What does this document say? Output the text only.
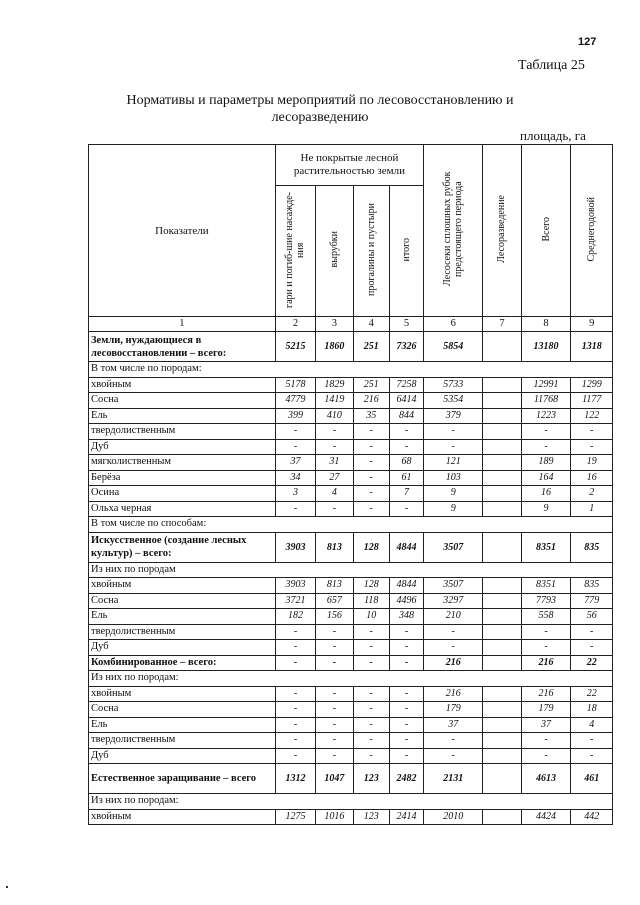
127
Таблица 25
Нормативы и параметры мероприятий по лесовосстановлению и лесоразведению
площадь, га
Показатели	Не покрытые лесной растительностью земли				Лесосеки сплошных рубок предстоящего периода	Лесоразведение	Всего	Среднегодовой
	гари и погиб-шие насажде-ния	вырубки	прогалины и пустыри	итого				
1	2	3	4	5	6	7	8	9
Земли, нуждающиеся в лесовосстановлении – всего:	5215	1860	251	7326	5854		13180	1318
В том числе по породам:								
хвойным	5178	1829	251	7258	5733		12991	1299
Сосна	4779	1419	216	6414	5354		11768	1177
Ель	399	410	35	844	379		1223	122
твердолиственным	-	-	-	-	-		-	-
Дуб	-	-	-	-	-		-	-
мягколиственным	37	31	-	68	121		189	19
Берёза	34	27	-	61	103		164	16
Осина	3	4	-	7	9		16	2
Ольха черная	-	-	-	-	9		9	1
В том числе по способам:								
Искусственное (создание лесных культур) – всего:	3903	813	128	4844	3507		8351	835
Из них по породам								
хвойным	3903	813	128	4844	3507		8351	835
Сосна	3721	657	118	4496	3297		7793	779
Ель	182	156	10	348	210		558	56
твердолиственным	-	-	-	-	-		-	-
Дуб	-	-	-	-	-		-	-
Комбинированное – всего:	-	-	-	-	216		216	22
Из них по породам:								
хвойным	-	-	-	-	216		216	22
Сосна	-	-	-	-	179		179	18
Ель	-	-	-	-	37		37	4
твердолиственным	-	-	-	-	-		-	-
Дуб	-	-	-	-	-		-	-
Естественное заращивание – всего	1312	1047	123	2482	2131		4613	461
Из них по породам:								
хвойным	1275	1016	123	2414	2010		4424	442
